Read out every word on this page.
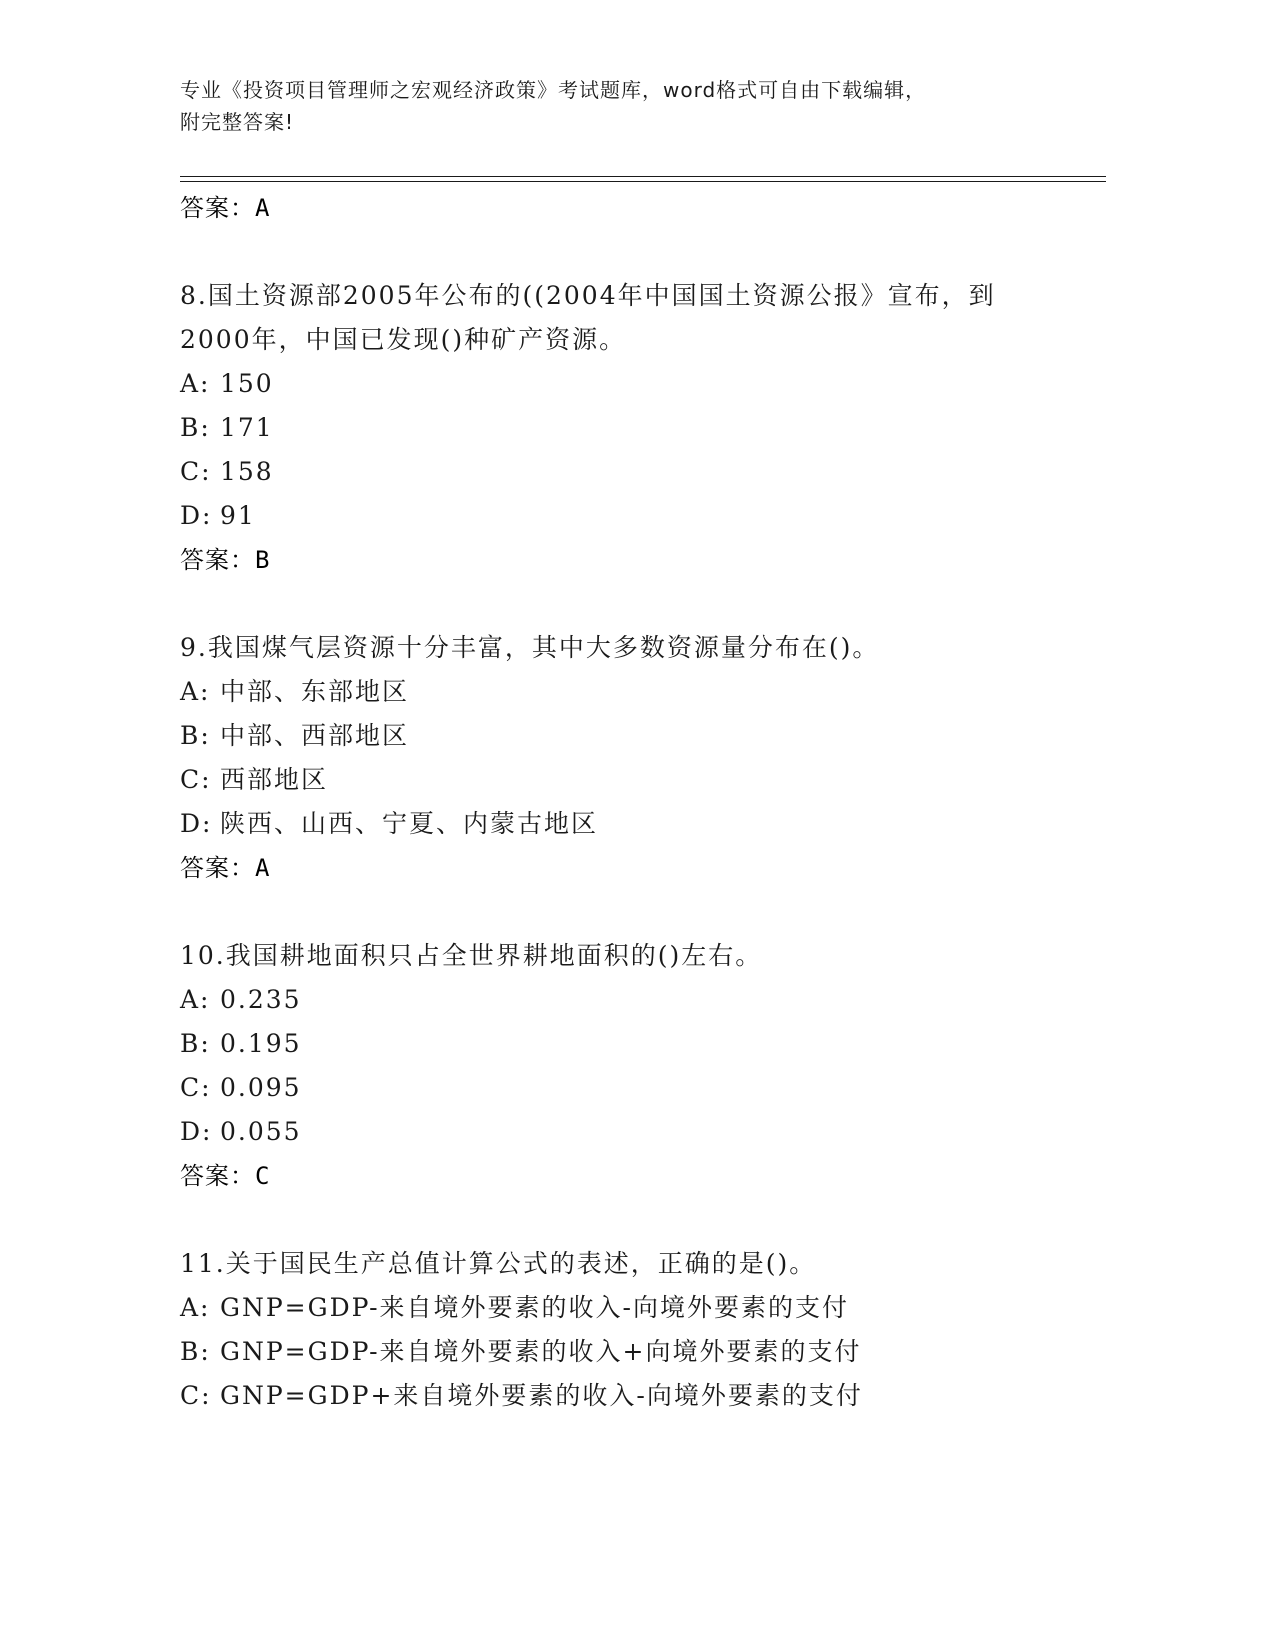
专业《投资项目管理师之宏观经济政策》考试题库，word格式可自由下载编辑，
附完整答案!
答案：A
8.国土资源部2005年公布的((2004年中国国土资源公报》宣布，到
2000年，中国已发现()种矿产资源。
A: 150
B: 171
C: 158
D: 91
答案：B
9.我国煤气层资源十分丰富，其中大多数资源量分布在()。
A: 中部、东部地区
B: 中部、西部地区
C: 西部地区
D: 陕西、山西、宁夏、内蒙古地区
答案：A
10.我国耕地面积只占全世界耕地面积的()左右。
A: 0.235
B: 0.195
C: 0.095
D: 0.055
答案：C
11.关于国民生产总值计算公式的表述，正确的是()。
A: GNP=GDP-来自境外要素的收入-向境外要素的支付
B: GNP=GDP-来自境外要素的收入+向境外要素的支付
C: GNP=GDP+来自境外要素的收入-向境外要素的支付
